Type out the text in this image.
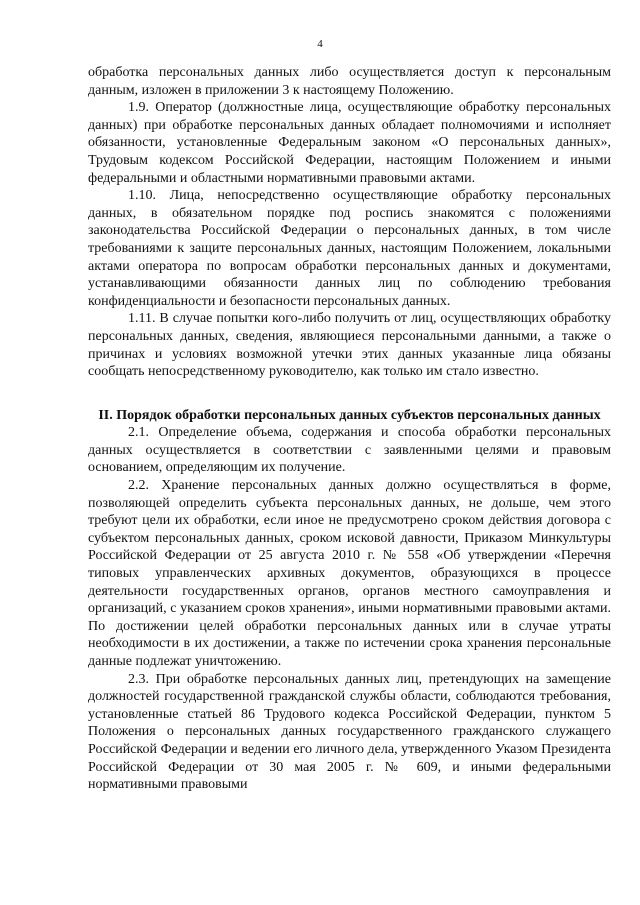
4

обработка персональных данных либо осуществляется доступ к персональным данным, изложен в приложении 3 к настоящему Положению.

1.9. Оператор (должностные лица, осуществляющие обработку персональных данных) при обработке персональных данных обладает полномочиями и исполняет обязанности, установленные Федеральным законом «О персональных данных», Трудовым кодексом Российской Федерации, настоящим Положением и иными федеральными и областными нормативными правовыми актами.

1.10. Лица, непосредственно осуществляющие обработку персональных данных, в обязательном порядке под роспись знакомятся с положениями законодательства Российской Федерации о персональных данных, в том числе требованиями к защите персональных данных, настоящим Положением, локальными актами оператора по вопросам обработки персональных данных и документами, устанавливающими обязанности данных лиц по соблюдению требования конфиденциальности и безопасности персональных данных.

1.11. В случае попытки кого-либо получить от лиц, осуществляющих обработку персональных данных, сведения, являющиеся персональными данными, а также о причинах и условиях возможной утечки этих данных указанные лица обязаны сообщать непосредственному руководителю, как только им стало известно.

II. Порядок обработки персональных данных субъектов персональных данных

2.1. Определение объема, содержания и способа обработки персональных данных осуществляется в соответствии с заявленными целями и правовым основанием, определяющим их получение.

2.2. Хранение персональных данных должно осуществляться в форме, позволяющей определить субъекта персональных данных, не дольше, чем этого требуют цели их обработки, если иное не предусмотрено сроком действия договора с субъектом персональных данных, сроком исковой давности, Приказом Минкультуры Российской Федерации от 25 августа 2010 г. № 558 «Об утверждении «Перечня типовых управленческих архивных документов, образующихся в процессе деятельности государственных органов, органов местного самоуправления и организаций, с указанием сроков хранения», иными нормативными правовыми актами. По достижении целей обработки персональных данных или в случае утраты необходимости в их достижении, а также по истечении срока хранения персональные данные подлежат уничтожению.

2.3. При обработке персональных данных лиц, претендующих на замещение должностей государственной гражданской службы области, соблюдаются требования, установленные статьей 86 Трудового кодекса Российской Федерации, пунктом 5 Положения о персональных данных государственного гражданского служащего Российской Федерации и ведении его личного дела, утвержденного Указом Президента Российской Федерации от 30 мая 2005 г. № 609, и иными федеральными нормативными правовыми
